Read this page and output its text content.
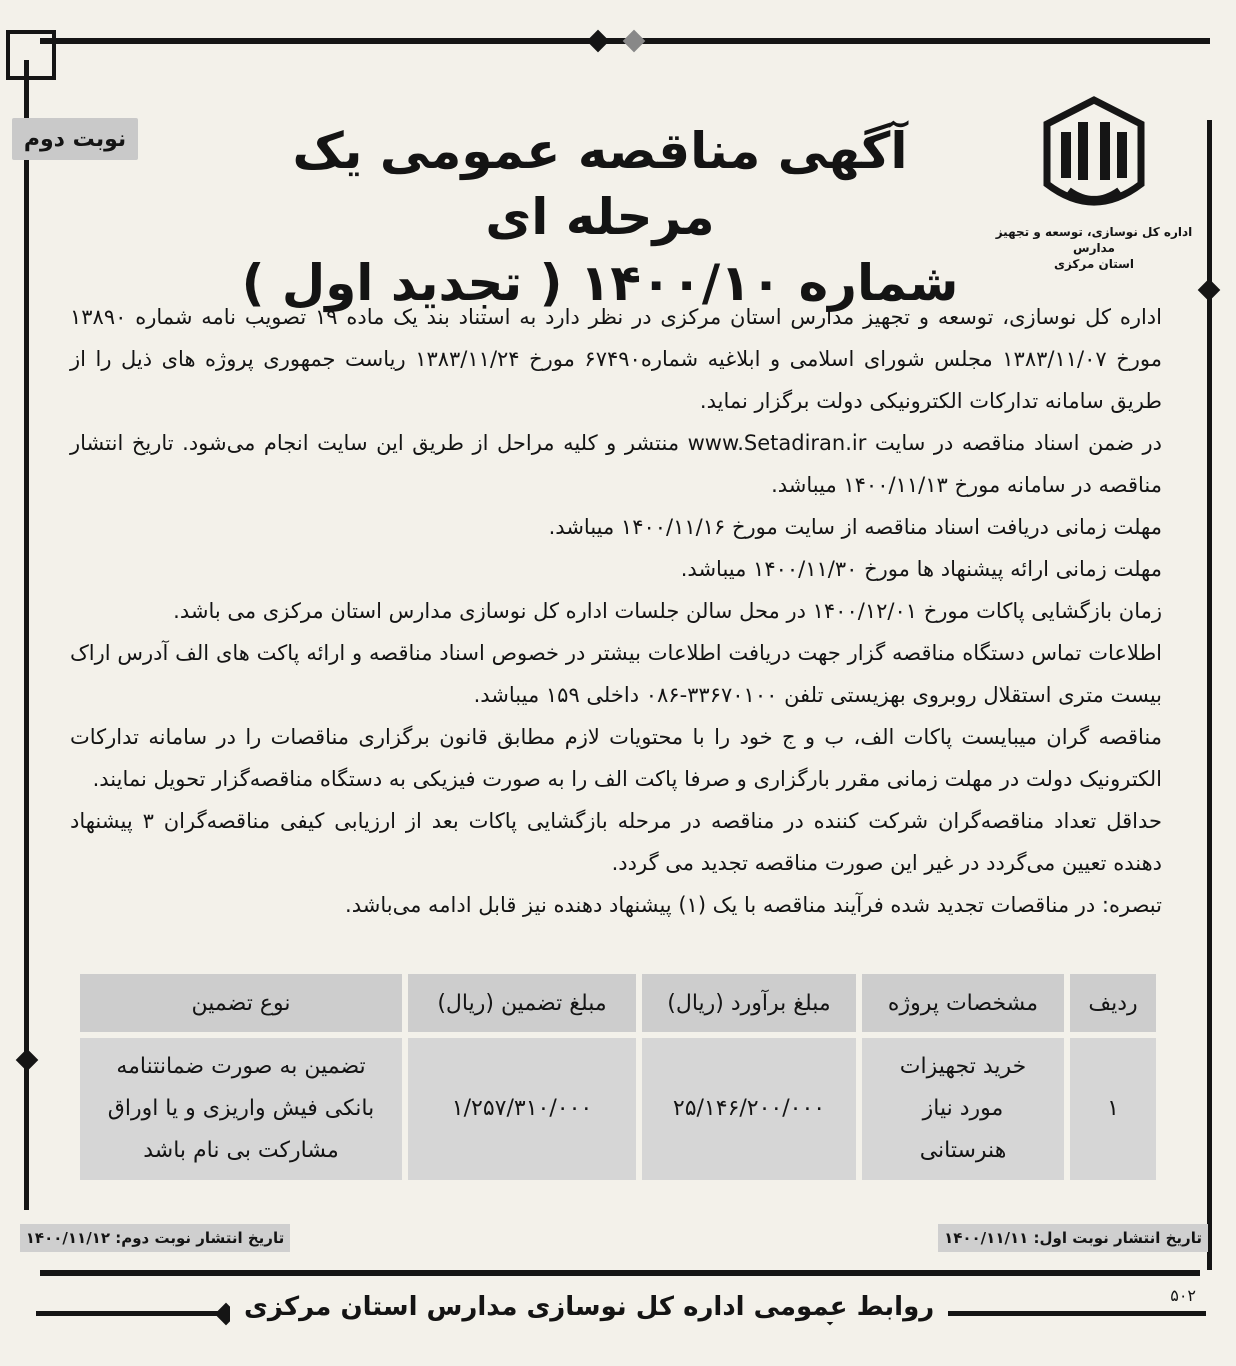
نوبت دوم
اداره کل نوسازی، توسعه و تجهیز مدارس
استان مرکزی
آگهی مناقصه عمومی یک مرحله ای
شماره ۱۴۰۰/۱۰ ( تجدید اول )

اداره کل نوسازی، توسعه و تجهیز مدارس استان مرکزی در نظر دارد به استناد بند یک ماده ۱۹ تصویب نامه شماره ۱۳۸۹۰ مورخ ۱۳۸۳/۱۱/۰۷ مجلس شورای اسلامی و ابلاغیه شماره۶۷۴۹۰ مورخ ۱۳۸۳/۱۱/۲۴ ریاست جمهوری پروژه های ذیل را از طریق سامانه تدارکات الکترونیکی دولت برگزار نماید.

در ضمن اسناد مناقصه در سایت www.Setadiran.ir منتشر و کلیه مراحل از طریق این سایت انجام می‌شود. تاریخ انتشار مناقصه در سامانه مورخ ۱۴۰۰/۱۱/۱۳ میباشد.

مهلت زمانی دریافت اسناد مناقصه از سایت مورخ ۱۴۰۰/۱۱/۱۶ میباشد.

مهلت زمانی ارائه پیشنهاد ها مورخ ۱۴۰۰/۱۱/۳۰ میباشد.

زمان بازگشایی پاکات مورخ ۱۴۰۰/۱۲/۰۱ در محل سالن جلسات اداره کل نوسازی مدارس استان مرکزی می باشد.

اطلاعات تماس دستگاه مناقصه گزار جهت دریافت اطلاعات بیشتر در خصوص اسناد مناقصه و ارائه پاکت های الف آدرس اراک بیست متری استقلال روبروی بهزیستی تلفن ۳۳۶۷۰۱۰۰-۰۸۶ داخلی ۱۵۹ میباشد.

مناقصه گران میبایست پاکات الف، ب و ج خود را با محتویات لازم مطابق قانون برگزاری مناقصات را در سامانه تدارکات الکترونیک دولت در مهلت زمانی مقرر بارگزاری و صرفا پاکت الف را به صورت فیزیکی به دستگاه مناقصه‌گزار تحویل نمایند.

حداقل تعداد مناقصه‌گران شرکت کننده در مناقصه در مرحله بازگشایی پاکات بعد از ارزیابی کیفی مناقصه‌گران ۳ پیشنهاد دهنده تعیین می‌گردد در غیر این صورت مناقصه تجدید می گردد.

تبصره: در مناقصات تجدید شده فرآیند مناقصه با یک (۱) پیشنهاد دهنده نیز قابل ادامه می‌باشد.

ردیف	مشخصات پروژه	مبلغ برآورد (ریال)	مبلغ تضمین (ریال)	نوع تضمین
۱	خرید تجهیزات مورد نیاز هنرستانی	۲۵/۱۴۶/۲۰۰/۰۰۰	۱/۲۵۷/۳۱۰/۰۰۰	تضمین به صورت ضمانتنامه بانکی فیش واریزی و یا اوراق مشارکت بی نام باشد
تاریخ انتشار نوبت اول: ۱۴۰۰/۱۱/۱۱
تاریخ انتشار نوبت دوم: ۱۴۰۰/۱۱/۱۲
۵۰۲
روابط عمومی اداره کل نوسازی مدارس استان مرکزی
